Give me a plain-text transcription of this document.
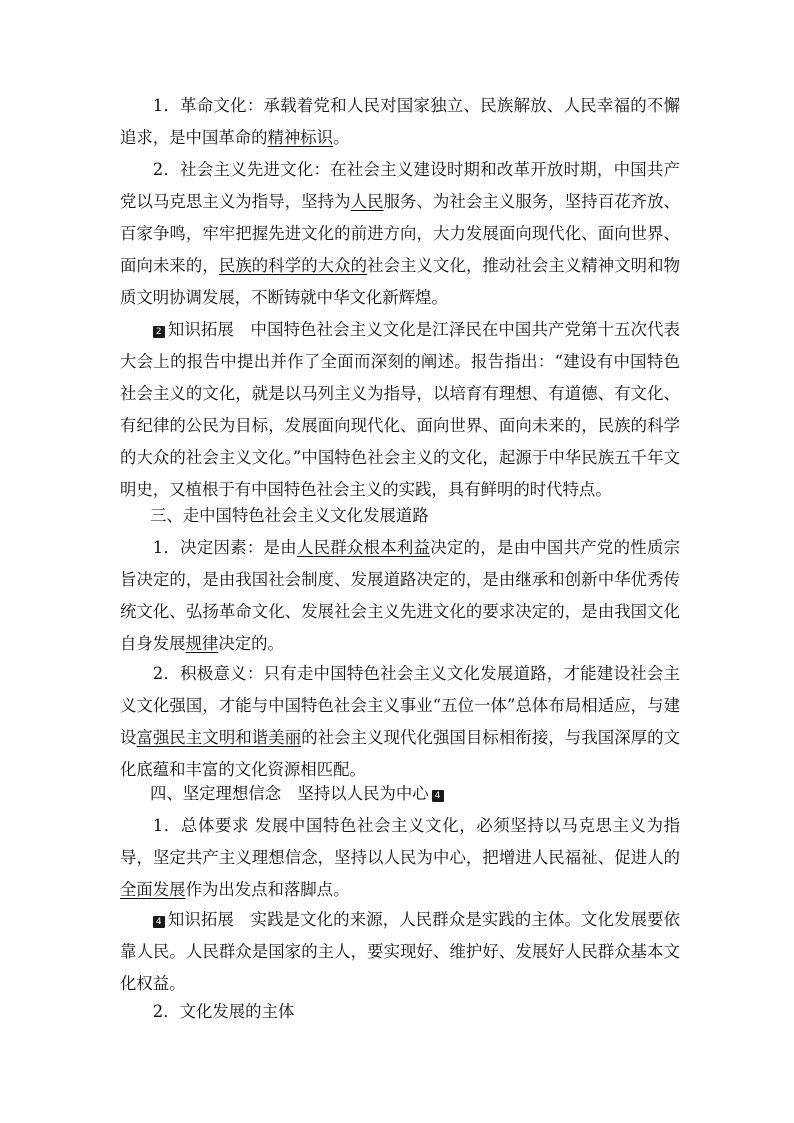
1．革命文化：承载着党和人民对国家独立、民族解放、人民幸福的不懈追求，是中国革命的精神标识。

2．社会主义先进文化：在社会主义建设时期和改革开放时期，中国共产党以马克思主义为指导，坚持为人民服务、为社会主义服务，坚持百花齐放、百家争鸣，牢牢把握先进文化的前进方向，大力发展面向现代化、面向世界、面向未来的，民族的科学的大众的社会主义文化，推动社会主义精神文明和物质文明协调发展，不断铸就中华文化新辉煌。

2 知识拓展　中国特色社会主义文化是江泽民在中国共产党第十五次代表大会上的报告中提出并作了全面而深刻的阐述。报告指出：“建设有中国特色社会主义的文化，就是以马列主义为指导，以培育有理想、有道德、有文化、有纪律的公民为目标，发展面向现代化、面向世界、面向未来的，民族的科学的大众的社会主义文化。”中国特色社会主义的文化，起源于中华民族五千年文明史，又植根于有中国特色社会主义的实践，具有鲜明的时代特点。

三、走中国特色社会主义文化发展道路

1．决定因素：是由人民群众根本利益决定的，是由中国共产党的性质宗旨决定的，是由我国社会制度、发展道路决定的，是由继承和创新中华优秀传统文化、弘扬革命文化、发展社会主义先进文化的要求决定的，是由我国文化自身发展规律决定的。

2．积极意义：只有走中国特色社会主义文化发展道路，才能建设社会主义文化强国，才能与中国特色社会主义事业“五位一体”总体布局相适应，与建设富强民主文明和谐美丽的社会主义现代化强国目标相衔接，与我国深厚的文化底蕴和丰富的文化资源相匹配。

四、坚定理想信念　坚持以人民为中心 4

1．总体要求 发展中国特色社会主义文化，必须坚持以马克思主义为指导，坚定共产主义理想信念，坚持以人民为中心，把增进人民福祉、促进人的全面发展作为出发点和落脚点。

4 知识拓展　实践是文化的来源，人民群众是实践的主体。文化发展要依靠人民。人民群众是国家的主人，要实现好、维护好、发展好人民群众基本文化权益。

2．文化发展的主体
